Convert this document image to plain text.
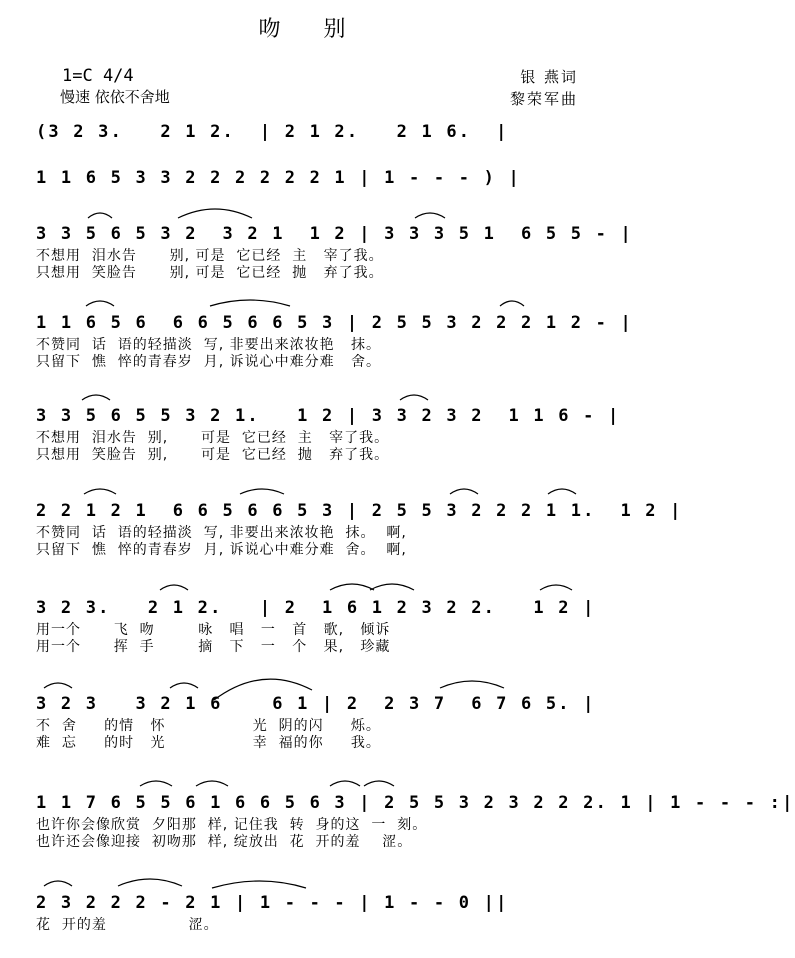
吻 别
1=C 4/4
慢速 依依不舍地
银 燕词
黎荣军曲
(3 2 3.   2 1 2.  | 2 1 2.   2 1 6.  |
1 1 6 5 3 3 2 2 2 2 2 2 1 | 1 - - - ) |
3 3 5 6 5 3 2  3 2 1  1 2 | 3 3 3 5 1  6 5 5 - |
不想用  泪水告      别, 可是  它已经  主   宰了我。
只想用  笑脸告      别, 可是  它已经  抛   弃了我。
1 1 6 5 6  6 6 5 6 6 5 3 | 2 5 5 3 2 2 2 1 2 - |
不赞同  话  语的轻描淡  写, 非要出来浓妆艳   抹。
只留下  憔  悴的青春岁  月, 诉说心中难分难   舍。
3 3 5 6 5 5 3 2 1.   1 2 | 3 3 2 3 2  1 1 6 - |
不想用  泪水告  别,      可是  它已经  主   宰了我。
只想用  笑脸告  别,      可是  它已经  抛   弃了我。
2 2 1 2 1  6 6 5 6 6 5 3 | 2 5 5 3 2 2 2 1 1.  1 2 |
不赞同  话  语的轻描淡  写, 非要出来浓妆艳  抹。  啊,
只留下  憔  悴的青春岁  月, 诉说心中难分难  舍。  啊,
3 2 3.   2 1 2.   | 2  1 6 1 2 3 2 2.   1 2 |
用一个      飞  吻        咏   唱   一   首   歌,   倾诉
用一个      挥  手        摘   下   一   个   果,   珍藏
3 2 3   3 2 1 6    6 1 | 2  2 3 7  6 7 6 5. |
不  舍     的情   怀                光  阴的闪     烁。
难  忘     的时   光                幸  福的你     我。
1 1 7 6 5 5 6 1 6 6 5 6 3 | 2 5 5 3 2 3 2 2 2. 1 | 1 - - - :|
也许你会像欣赏  夕阳那  样, 记住我  转  身的这  一  刻。
也许还会像迎接  初吻那  样, 绽放出  花  开的羞    涩。
2 3 2 2 2 - 2 1 | 1 - - - | 1 - - 0 ||
花  开的羞               涩。
